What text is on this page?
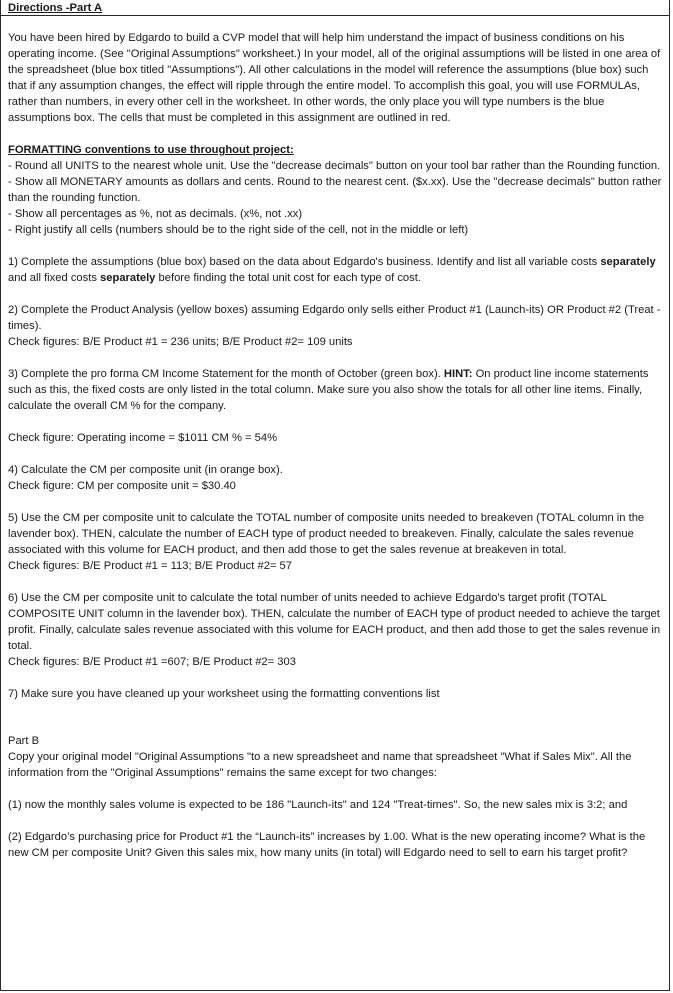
Directions -Part A

You have been hired by Edgardo to build a CVP model that will help him understand the impact of business conditions on his operating income. (See "Original Assumptions" worksheet.) In your model, all of the original assumptions will be listed in one area of the spreadsheet (blue box titled "Assumptions"). All other calculations in the model will reference the assumptions (blue box) such that if any assumption changes, the effect will ripple through the entire model. To accomplish this goal, you will use FORMULAs, rather than numbers, in every other cell in the worksheet. In other words, the only place you will type numbers is the blue assumptions box. The cells that must be completed in this assignment are outlined in red.

FORMATTING conventions to use throughout project:

- Round all UNITS to the nearest whole unit. Use the "decrease decimals" button on your tool bar rather than the Rounding function.

- Show all MONETARY amounts as dollars and cents. Round to the nearest cent. ($x.xx). Use the "decrease decimals" button rather than the rounding function.

- Show all percentages as %, not as decimals. (x%, not .xx)

- Right justify all cells (numbers should be to the right side of the cell, not in the middle or left)

1) Complete the assumptions (blue box) based on the data about Edgardo's business. Identify and list all variable costs separately and all fixed costs separately before finding the total unit cost for each type of cost.

2) Complete the Product Analysis (yellow boxes) assuming Edgardo only sells either Product #1 (Launch-its) OR Product #2 (Treat -times).

Check figures: B/E Product #1 = 236 units; B/E Product #2= 109 units

3) Complete the pro forma CM Income Statement for the month of October (green box). HINT: On product line income statements such as this, the fixed costs are only listed in the total column. Make sure you also show the totals for all other line items. Finally, calculate the overall CM % for the company.

Check figure: Operating income = $1011 CM % = 54%

4) Calculate the CM per composite unit (in orange box).

Check figure: CM per composite unit = $30.40

5) Use the CM per composite unit to calculate the TOTAL number of composite units needed to breakeven (TOTAL column in the lavender box). THEN, calculate the number of EACH type of product needed to breakeven. Finally, calculate the sales revenue associated with this volume for EACH product, and then add those to get the sales revenue at breakeven in total.

Check figures: B/E Product #1 = 113; B/E Product #2= 57

6) Use the CM per composite unit to calculate the total number of units needed to achieve Edgardo's target profit (TOTAL COMPOSITE UNIT column in the lavender box). THEN, calculate the number of EACH type of product needed to achieve the target profit. Finally, calculate sales revenue associated with this volume for EACH product, and then add those to get the sales revenue in total.

Check figures: B/E Product #1 =607; B/E Product #2= 303

7) Make sure you have cleaned up your worksheet using the formatting conventions list

Part B

Copy your original model "Original Assumptions "to a new spreadsheet and name that spreadsheet "What if Sales Mix". All the information from the "Original Assumptions" remains the same except for two changes:

(1) now the monthly sales volume is expected to be 186 "Launch-its" and 124 "Treat-times". So, the new sales mix is 3:2; and

(2) Edgardo’s purchasing price for Product #1 the “Launch-its” increases by 1.00. What is the new operating income? What is the new CM per composite Unit? Given this sales mix, how many units (in total) will Edgardo need to sell to earn his target profit?
